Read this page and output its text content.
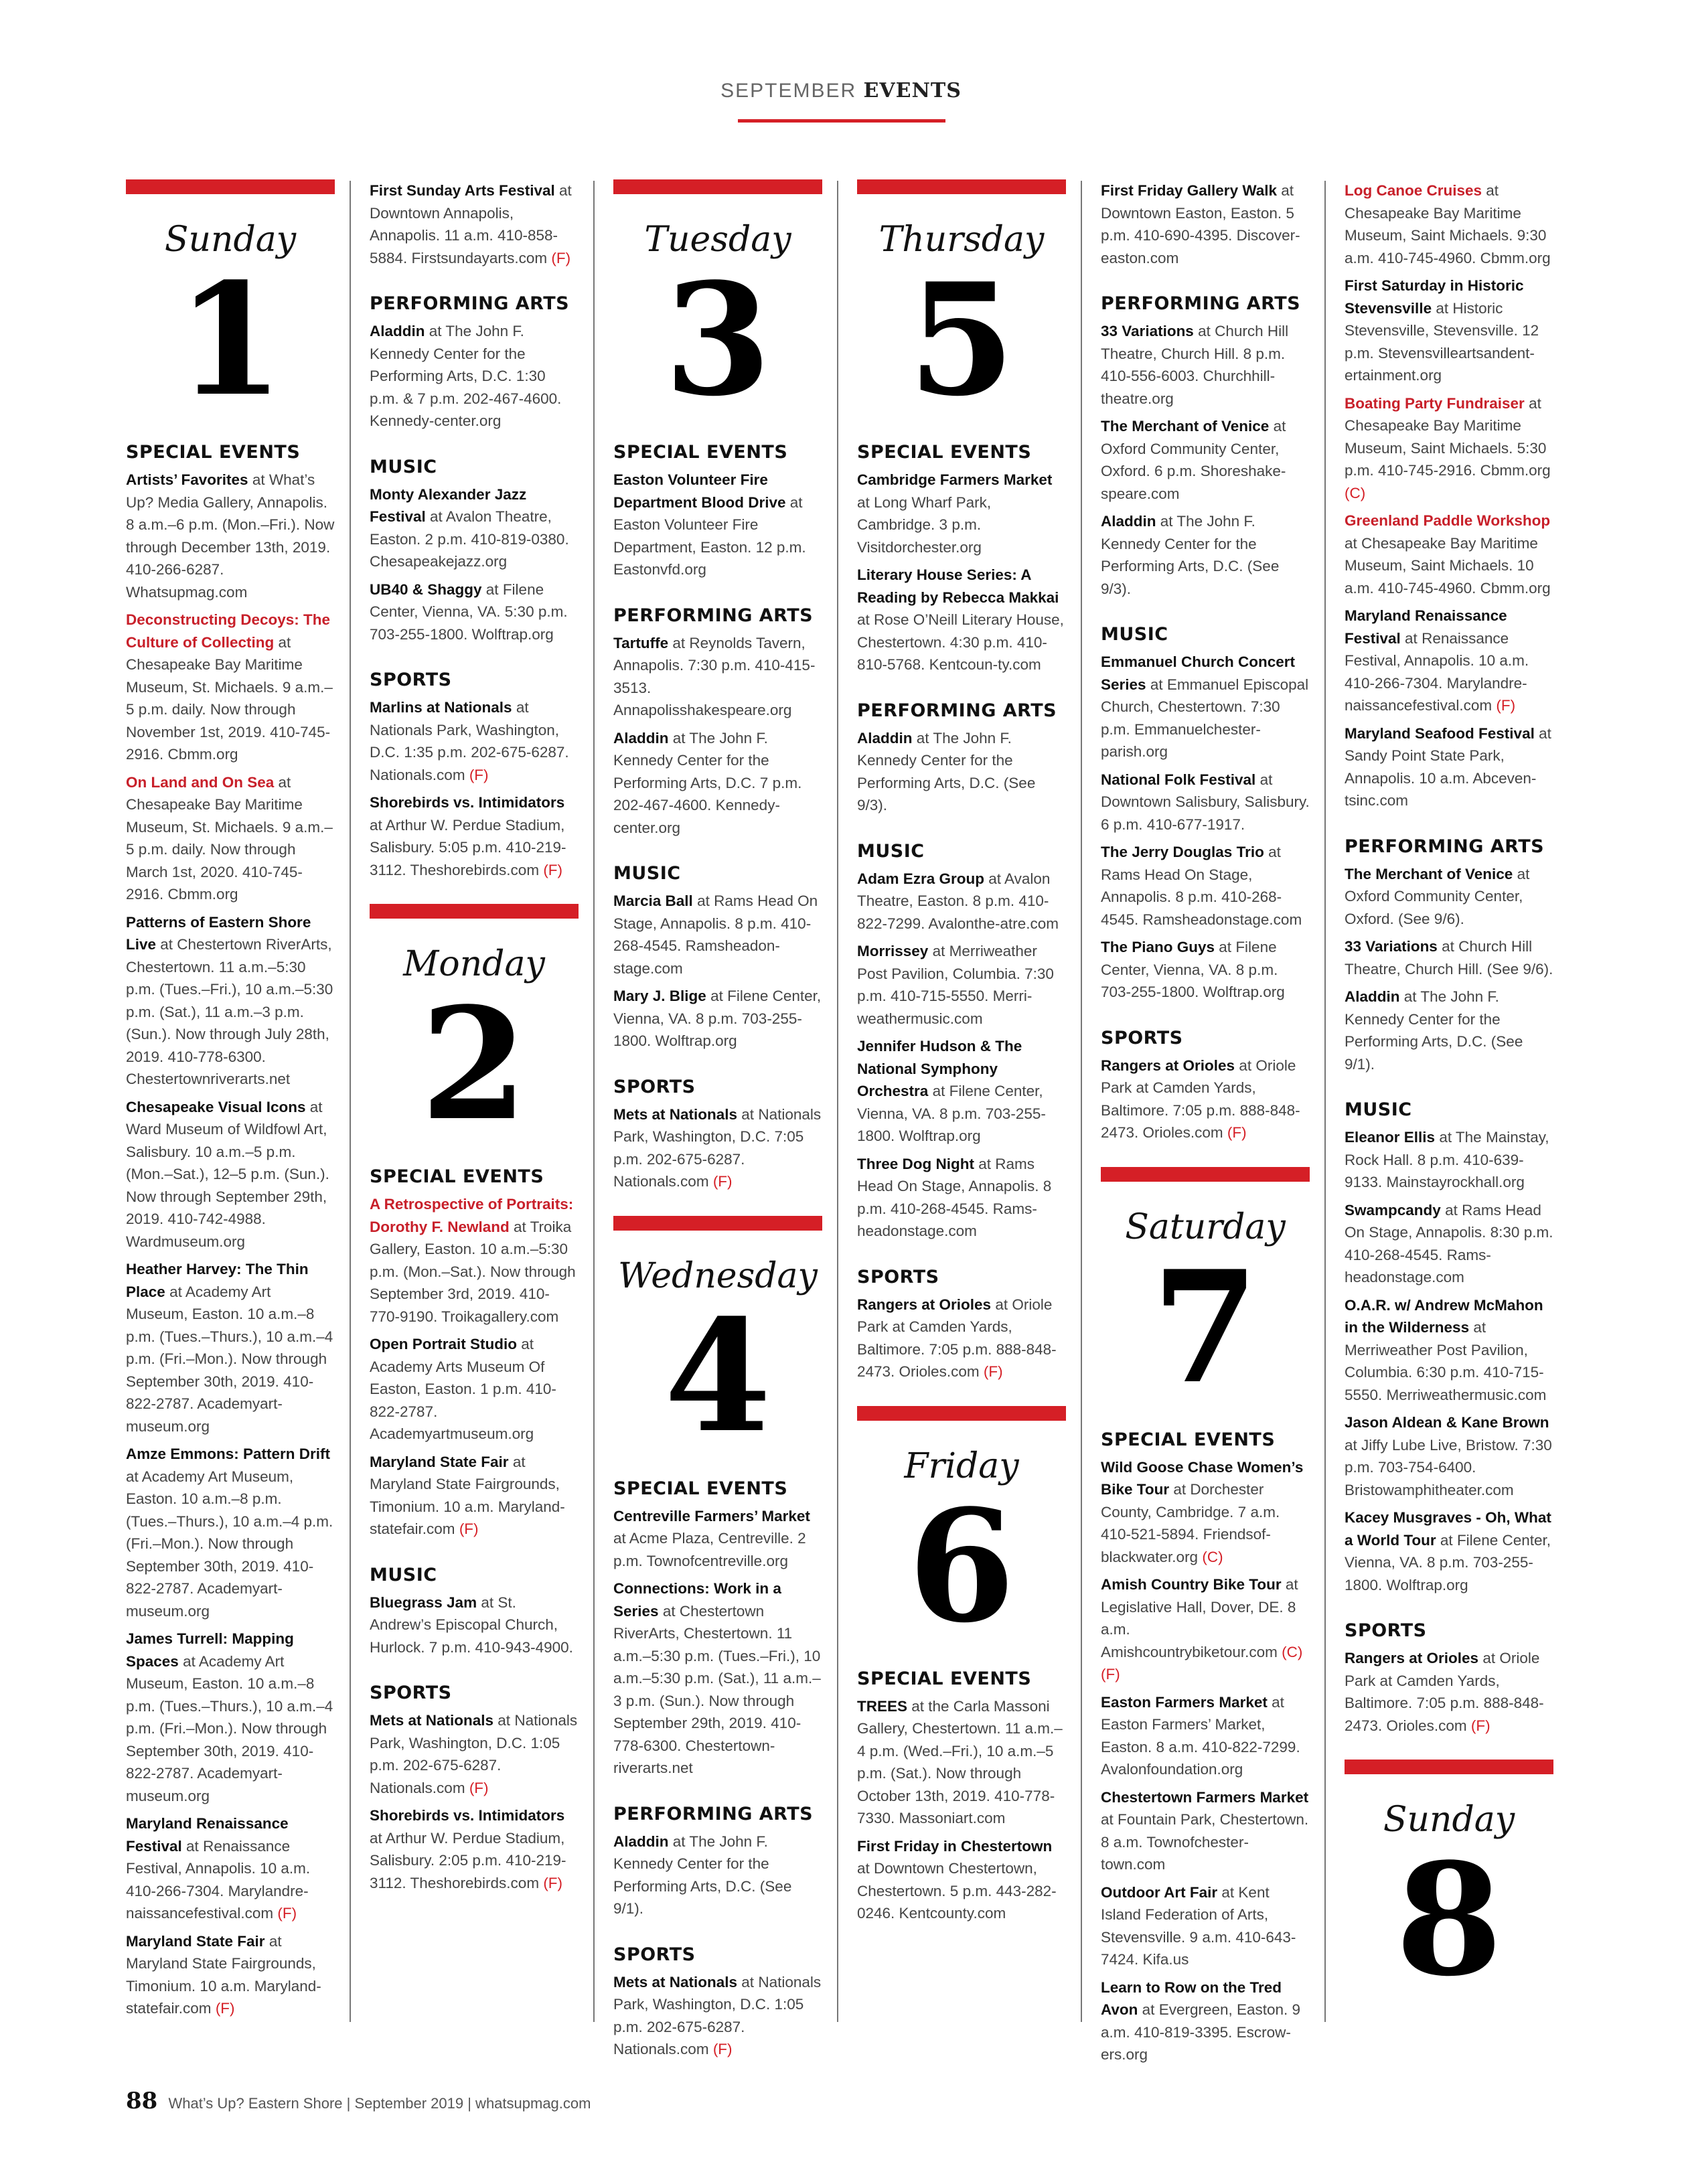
SEPTEMBER EVENTS
Sunday
1
SPECIAL EVENTS

Artists’ Favorites at What’s Up? Media Gallery, Annapolis. 8 a.m.–6 p.m. (Mon.–Fri.). Now through December 13th, 2019. 410-266-6287. Whatsupmag.com

Deconstructing Decoys: The Culture of Collecting at Chesapeake Bay Maritime Museum, St. Michaels. 9 a.m.–5 p.m. daily. Now through November 1st, 2019. 410-745-2916. Cbmm.org

On Land and On Sea at Chesapeake Bay Maritime Museum, St. Michaels. 9 a.m.–5 p.m. daily. Now through March 1st, 2020. 410-745-2916. Cbmm.org

Patterns of Eastern Shore Live at Chestertown RiverArts, Chestertown. 11 a.m.–5:30 p.m. (Tues.–Fri.), 10 a.m.–5:30 p.m. (Sat.), 11 a.m.–3 p.m. (Sun.). Now through July 28th, 2019. 410-778-6300. Chestertownriverarts.net

Chesapeake Visual Icons at Ward Museum of Wildfowl Art, Salisbury. 10 a.m.–5 p.m. (Mon.–Sat.), 12–5 p.m. (Sun.). Now through September 29th, 2019. 410-742-4988. Wardmuseum.org

Heather Harvey: The Thin Place at Academy Art Museum, Easton. 10 a.m.–8 p.m. (Tues.–Thurs.), 10 a.m.–4 p.m. (Fri.–Mon.). Now through September 30th, 2019. 410-822-2787. Academyart-museum.org

Amze Emmons: Pattern Drift at Academy Art Museum, Easton. 10 a.m.–8 p.m. (Tues.–Thurs.), 10 a.m.–4 p.m. (Fri.–Mon.). Now through September 30th, 2019. 410-822-2787. Academyart-museum.org

James Turrell: Mapping Spaces at Academy Art Museum, Easton. 10 a.m.–8 p.m. (Tues.–Thurs.), 10 a.m.–4 p.m. (Fri.–Mon.). Now through September 30th, 2019. 410-822-2787. Academyart-museum.org

Maryland Renaissance Festival at Renaissance Festival, Annapolis. 10 a.m. 410-266-7304. Marylandre-naissancefestival.com (F)

Maryland State Fair at Maryland State Fairgrounds, Timonium. 10 a.m. Maryland-statefair.com (F)

First Sunday Arts Festival at Downtown Annapolis, Annapolis. 11 a.m. 410-858-5884. Firstsundayarts.com (F)

PERFORMING ARTS

Aladdin at The John F. Kennedy Center for the Performing Arts, D.C. 1:30 p.m. & 7 p.m. 202-467-4600. Kennedy-center.org

MUSIC

Monty Alexander Jazz Festival at Avalon Theatre, Easton. 2 p.m. 410-819-0380. Chesapeakejazz.org

UB40 & Shaggy at Filene Center, Vienna, VA. 5:30 p.m. 703-255-1800. Wolftrap.org

SPORTS

Marlins at Nationals at Nationals Park, Washington, D.C. 1:35 p.m. 202-675-6287. Nationals.com (F)

Shorebirds vs. Intimidators at Arthur W. Perdue Stadium, Salisbury. 5:05 p.m. 410-219-3112. Theshorebirds.com (F)

Monday
2
SPECIAL EVENTS

A Retrospective of Portraits: Dorothy F. Newland at Troika Gallery, Easton. 10 a.m.–5:30 p.m. (Mon.–Sat.). Now through September 3rd, 2019. 410-770-9190. Troikagallery.com

Open Portrait Studio at Academy Arts Museum Of Easton, Easton. 1 p.m. 410-822-2787. Academyartmuseum.org

Maryland State Fair at Maryland State Fairgrounds, Timonium. 10 a.m. Maryland-statefair.com (F)

MUSIC

Bluegrass Jam at St. Andrew’s Episcopal Church, Hurlock. 7 p.m. 410-943-4900.

SPORTS

Mets at Nationals at Nationals Park, Washington, D.C. 1:05 p.m. 202-675-6287. Nationals.com (F)

Shorebirds vs. Intimidators at Arthur W. Perdue Stadium, Salisbury. 2:05 p.m. 410-219-3112. Theshorebirds.com (F)

Tuesday
3
SPECIAL EVENTS

Easton Volunteer Fire Department Blood Drive at Easton Volunteer Fire Department, Easton. 12 p.m. Eastonvfd.org

PERFORMING ARTS

Tartuffe at Reynolds Tavern, Annapolis. 7:30 p.m. 410-415-3513. Annapolisshakespeare.org

Aladdin at The John F. Kennedy Center for the Performing Arts, D.C. 7 p.m. 202-467-4600. Kennedy-center.org

MUSIC

Marcia Ball at Rams Head On Stage, Annapolis. 8 p.m. 410-268-4545. Ramsheadon-stage.com

Mary J. Blige at Filene Center, Vienna, VA. 8 p.m. 703-255-1800. Wolftrap.org

SPORTS

Mets at Nationals at Nationals Park, Washington, D.C. 7:05 p.m. 202-675-6287. Nationals.com (F)

Wednesday
4
SPECIAL EVENTS

Centreville Farmers’ Market at Acme Plaza, Centreville. 2 p.m. Townofcentreville.org

Connections: Work in a Series at Chestertown RiverArts, Chestertown. 11 a.m.–5:30 p.m. (Tues.–Fri.), 10 a.m.–5:30 p.m. (Sat.), 11 a.m.–3 p.m. (Sun.). Now through September 29th, 2019. 410-778-6300. Chestertown-riverarts.net

PERFORMING ARTS

Aladdin at The John F. Kennedy Center for the Performing Arts, D.C. (See 9/1).

SPORTS

Mets at Nationals at Nationals Park, Washington, D.C. 1:05 p.m. 202-675-6287. Nationals.com (F)

Thursday
5
SPECIAL EVENTS

Cambridge Farmers Market at Long Wharf Park, Cambridge. 3 p.m. Visitdorchester.org

Literary House Series: A Reading by Rebecca Makkai at Rose O’Neill Literary House, Chestertown. 4:30 p.m. 410-810-5768. Kentcoun-ty.com

PERFORMING ARTS

Aladdin at The John F. Kennedy Center for the Performing Arts, D.C. (See 9/3).

MUSIC

Adam Ezra Group at Avalon Theatre, Easton. 8 p.m. 410-822-7299. Avalonthe-atre.com

Morrissey at Merriweather Post Pavilion, Columbia. 7:30 p.m. 410-715-5550. Merri-weathermusic.com

Jennifer Hudson & The National Symphony Orchestra at Filene Center, Vienna, VA. 8 p.m. 703-255-1800. Wolftrap.org

Three Dog Night at Rams Head On Stage, Annapolis. 8 p.m. 410-268-4545. Rams-headonstage.com

SPORTS

Rangers at Orioles at Oriole Park at Camden Yards, Baltimore. 7:05 p.m. 888-848-2473. Orioles.com (F)

Friday
6
SPECIAL EVENTS

TREES at the Carla Massoni Gallery, Chestertown. 11 a.m.–4 p.m. (Wed.–Fri.), 10 a.m.–5 p.m. (Sat.). Now through October 13th, 2019. 410-778-7330. Massoniart.com

First Friday in Chestertown at Downtown Chestertown, Chestertown. 5 p.m. 443-282-0246. Kentcounty.com

First Friday Gallery Walk at Downtown Easton, Easton. 5 p.m. 410-690-4395. Discover-easton.com

PERFORMING ARTS

33 Variations at Church Hill Theatre, Church Hill. 8 p.m. 410-556-6003. Churchhill-theatre.org

The Merchant of Venice at Oxford Community Center, Oxford. 6 p.m. Shoreshake-speare.com

Aladdin at The John F. Kennedy Center for the Performing Arts, D.C. (See 9/3).

MUSIC

Emmanuel Church Concert Series at Emmanuel Episcopal Church, Chestertown. 7:30 p.m. Emmanuelchester-parish.org

National Folk Festival at Downtown Salisbury, Salisbury. 6 p.m. 410-677-1917.

The Jerry Douglas Trio at Rams Head On Stage, Annapolis. 8 p.m. 410-268-4545. Ramsheadonstage.com

The Piano Guys at Filene Center, Vienna, VA. 8 p.m. 703-255-1800. Wolftrap.org

SPORTS

Rangers at Orioles at Oriole Park at Camden Yards, Baltimore. 7:05 p.m. 888-848-2473. Orioles.com (F)

Saturday
7
SPECIAL EVENTS

Wild Goose Chase Women’s Bike Tour at Dorchester County, Cambridge. 7 a.m. 410-521-5894. Friendsof-blackwater.org (C)

Amish Country Bike Tour at Legislative Hall, Dover, DE. 8 a.m. Amishcountrybiketour.com (C) (F)

Easton Farmers Market at Easton Farmers’ Market, Easton. 8 a.m. 410-822-7299. Avalonfoundation.org

Chestertown Farmers Market at Fountain Park, Chestertown. 8 a.m. Townofchester-town.com

Outdoor Art Fair at Kent Island Federation of Arts, Stevensville. 9 a.m. 410-643-7424. Kifa.us

Learn to Row on the Tred Avon at Evergreen, Easton. 9 a.m. 410-819-3395. Escrow-ers.org

Log Canoe Cruises at Chesapeake Bay Maritime Museum, Saint Michaels. 9:30 a.m. 410-745-4960. Cbmm.org

First Saturday in Historic Stevensville at Historic Stevensville, Stevensville. 12 p.m. Stevensvilleartsandent-ertainment.org

Boating Party Fundraiser at Chesapeake Bay Maritime Museum, Saint Michaels. 5:30 p.m. 410-745-2916. Cbmm.org (C)

Greenland Paddle Workshop at Chesapeake Bay Maritime Museum, Saint Michaels. 10 a.m. 410-745-4960. Cbmm.org

Maryland Renaissance Festival at Renaissance Festival, Annapolis. 10 a.m. 410-266-7304. Marylandre-naissancefestival.com (F)

Maryland Seafood Festival at Sandy Point State Park, Annapolis. 10 a.m. Abceven-tsinc.com

PERFORMING ARTS

The Merchant of Venice at Oxford Community Center, Oxford. (See 9/6).

33 Variations at Church Hill Theatre, Church Hill. (See 9/6).

Aladdin at The John F. Kennedy Center for the Performing Arts, D.C. (See 9/1).

MUSIC

Eleanor Ellis at The Mainstay, Rock Hall. 8 p.m. 410-639-9133. Mainstayrockhall.org

Swampcandy at Rams Head On Stage, Annapolis. 8:30 p.m. 410-268-4545. Rams-headonstage.com

O.A.R. w/ Andrew McMahon in the Wilderness at Merriweather Post Pavilion, Columbia. 6:30 p.m. 410-715-5550. Merriweathermusic.com

Jason Aldean & Kane Brown at Jiffy Lube Live, Bristow. 7:30 p.m. 703-754-6400. Bristowamphitheater.com

Kacey Musgraves - Oh, What a World Tour at Filene Center, Vienna, VA. 8 p.m. 703-255-1800. Wolftrap.org

SPORTS

Rangers at Orioles at Oriole Park at Camden Yards, Baltimore. 7:05 p.m. 888-848-2473. Orioles.com (F)

Sunday
8
88 What’s Up? Eastern Shore | September 2019 | whatsupmag.com
